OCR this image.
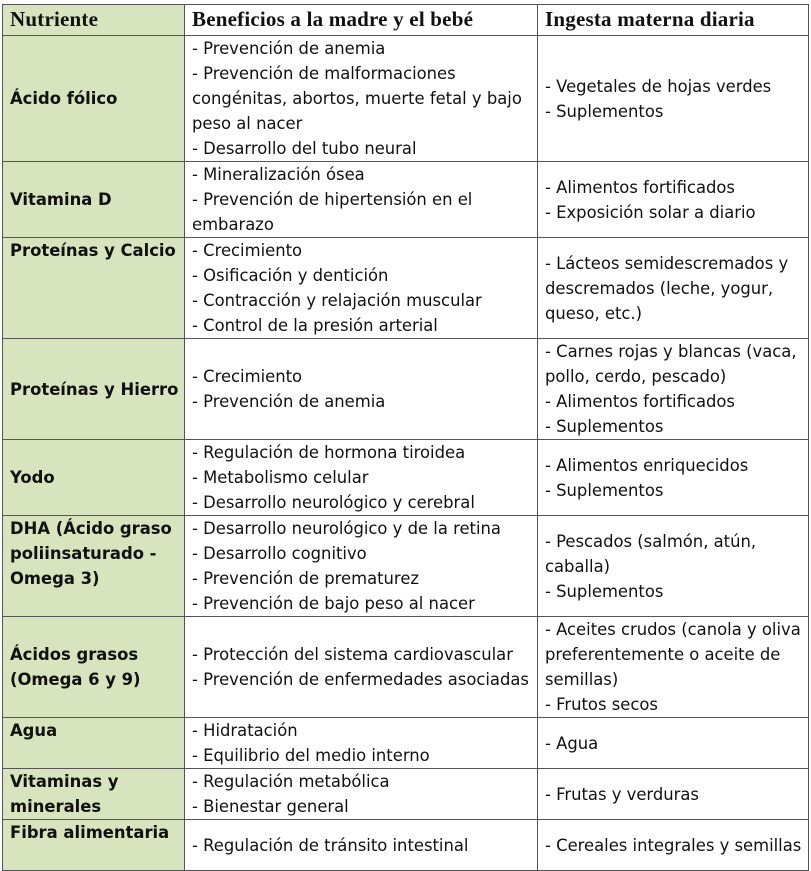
Nutriente	Beneficios a la madre y el bebé	Ingesta materna diaria
Ácido fólico	- Prevención de anemia
- Prevención de malformaciones congénitas, abortos, muerte fetal y bajo peso al nacer
- Desarrollo del tubo neural	- Vegetales de hojas verdes
- Suplementos

Vitamina D	- Mineralización ósea
- Prevención de hipertensión en el embarazo	- Alimentos fortificados
- Exposición solar a diario

Proteínas y Calcio	- Crecimiento
- Osificación y dentición
- Contracción y relajación muscular
- Control de la presión arterial	- Lácteos semidescremados y descremados (leche, yogur, queso, etc.)

Proteínas y Hierro	- Crecimiento
- Prevención de anemia	- Carnes rojas y blancas (vaca, pollo, cerdo, pescado)
- Alimentos fortificados
- Suplementos

Yodo	- Regulación de hormona tiroidea
- Metabolismo celular
- Desarrollo neurológico y cerebral	- Alimentos enriquecidos
- Suplementos

DHA (Ácido graso poliinsaturado - Omega 3)	- Desarrollo neurológico y de la retina
- Desarrollo cognitivo
- Prevención de prematurez
- Prevención de bajo peso al nacer	- Pescados (salmón, atún, caballa)
- Suplementos

Ácidos grasos (Omega 6 y 9)	- Protección del sistema cardiovascular
- Prevención de enfermedades asociadas	- Aceites crudos (canola y oliva preferentemente o aceite de semillas)
- Frutos secos

Agua	- Hidratación
- Equilibrio del medio interno	- Agua

Vitaminas y minerales	- Regulación metabólica
- Bienestar general	- Frutas y verduras

Fibra alimentaria	- Regulación de tránsito intestinal	- Cereales integrales y semillas
